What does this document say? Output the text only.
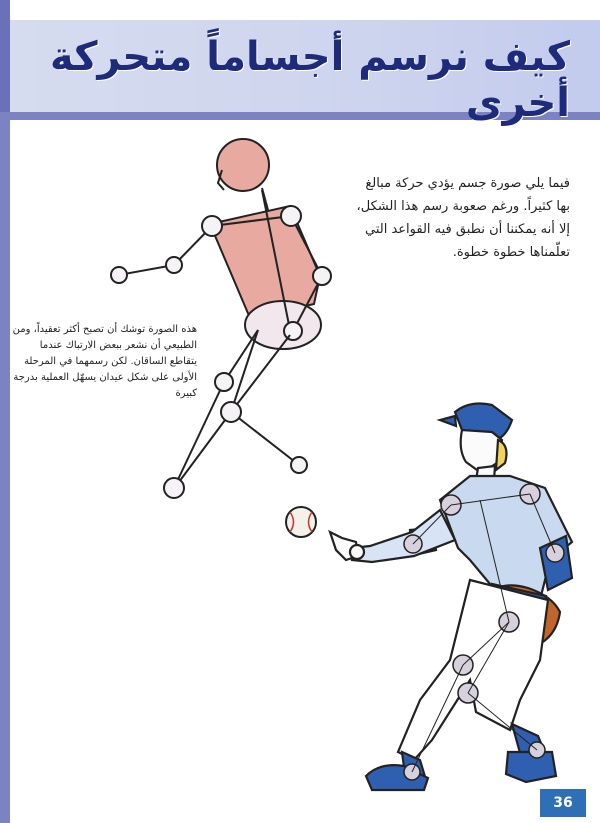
كيف نرسم أجساماً متحركة أخرى
فيما يلي صورة جسم يؤدي حركة مبالغ بها كثيراً. ورغم صعوبة رسم هذا الشكل، إلا أنه يمكننا أن نطبق فيه القواعد التي تعلّمناها خطوة خطوة.
هذه الصورة توشك أن تصبح أكثر تعقيداً، ومن الطبيعي أن نشعر ببعض الارتباك عندما يتقاطع الساقان. لكن رسمهما في المرحلة الأولى على شكل عيدان يسهّل العملية بدرجة كبيرة
36
